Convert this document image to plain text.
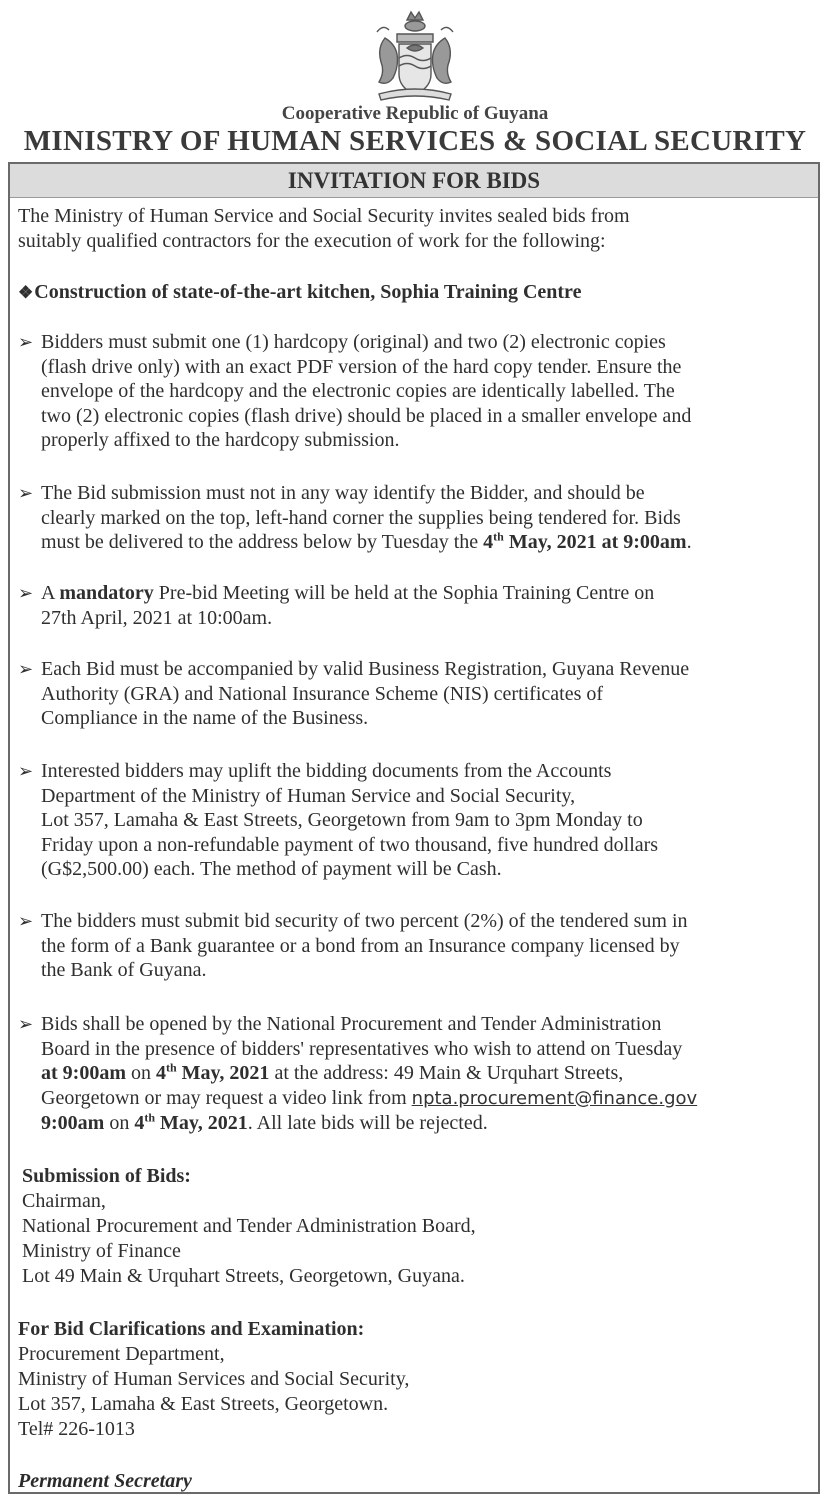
Cooperative Republic of Guyana
MINISTRY OF HUMAN SERVICES & SOCIAL SECURITY
INVITATION FOR BIDS
The Ministry of Human Service and Social Security invites sealed bids from
suitably qualified contractors for the execution of work for the following:
❖Construction of state-of-the-art kitchen, Sophia Training Centre
➢ Bidders must submit one (1) hardcopy (original) and two (2) electronic copies
(flash drive only) with an exact PDF version of the hard copy tender. Ensure the
envelope of the hardcopy and the electronic copies are identically labelled. The
two (2) electronic copies (flash drive) should be placed in a smaller envelope and
properly affixed to the hardcopy submission.
➢ The Bid submission must not in any way identify the Bidder, and should be
clearly marked on the top, left-hand corner the supplies being tendered for. Bids
must be delivered to the address below by Tuesday the 4th May, 2021 at 9:00am.
➢ A mandatory Pre-bid Meeting will be held at the Sophia Training Centre on
27th April, 2021 at 10:00am.
➢ Each Bid must be accompanied by valid Business Registration, Guyana Revenue
Authority (GRA) and National Insurance Scheme (NIS) certificates of
Compliance in the name of the Business.
➢ Interested bidders may uplift the bidding documents from the Accounts
Department of the Ministry of Human Service and Social Security,
Lot 357, Lamaha & East Streets, Georgetown from 9am to 3pm Monday to
Friday upon a non-refundable payment of two thousand, five hundred dollars
(G$2,500.00) each. The method of payment will be Cash.
➢ The bidders must submit bid security of two percent (2%) of the tendered sum in
the form of a Bank guarantee or a bond from an Insurance company licensed by
the Bank of Guyana.
➢ Bids shall be opened by the National Procurement and Tender Administration
Board in the presence of bidders' representatives who wish to attend on Tuesday
at 9:00am on 4th May, 2021 at the address: 49 Main & Urquhart Streets,
Georgetown or may request a video link from npta.procurement@finance.gov
9:00am on 4th May, 2021. All late bids will be rejected.
Submission of Bids:
Chairman,
National Procurement and Tender Administration Board,
Ministry of Finance
Lot 49 Main & Urquhart Streets, Georgetown, Guyana.
For Bid Clarifications and Examination:
Procurement Department,
Ministry of Human Services and Social Security,
Lot 357, Lamaha & East Streets, Georgetown.
Tel# 226-1013
Permanent Secretary
